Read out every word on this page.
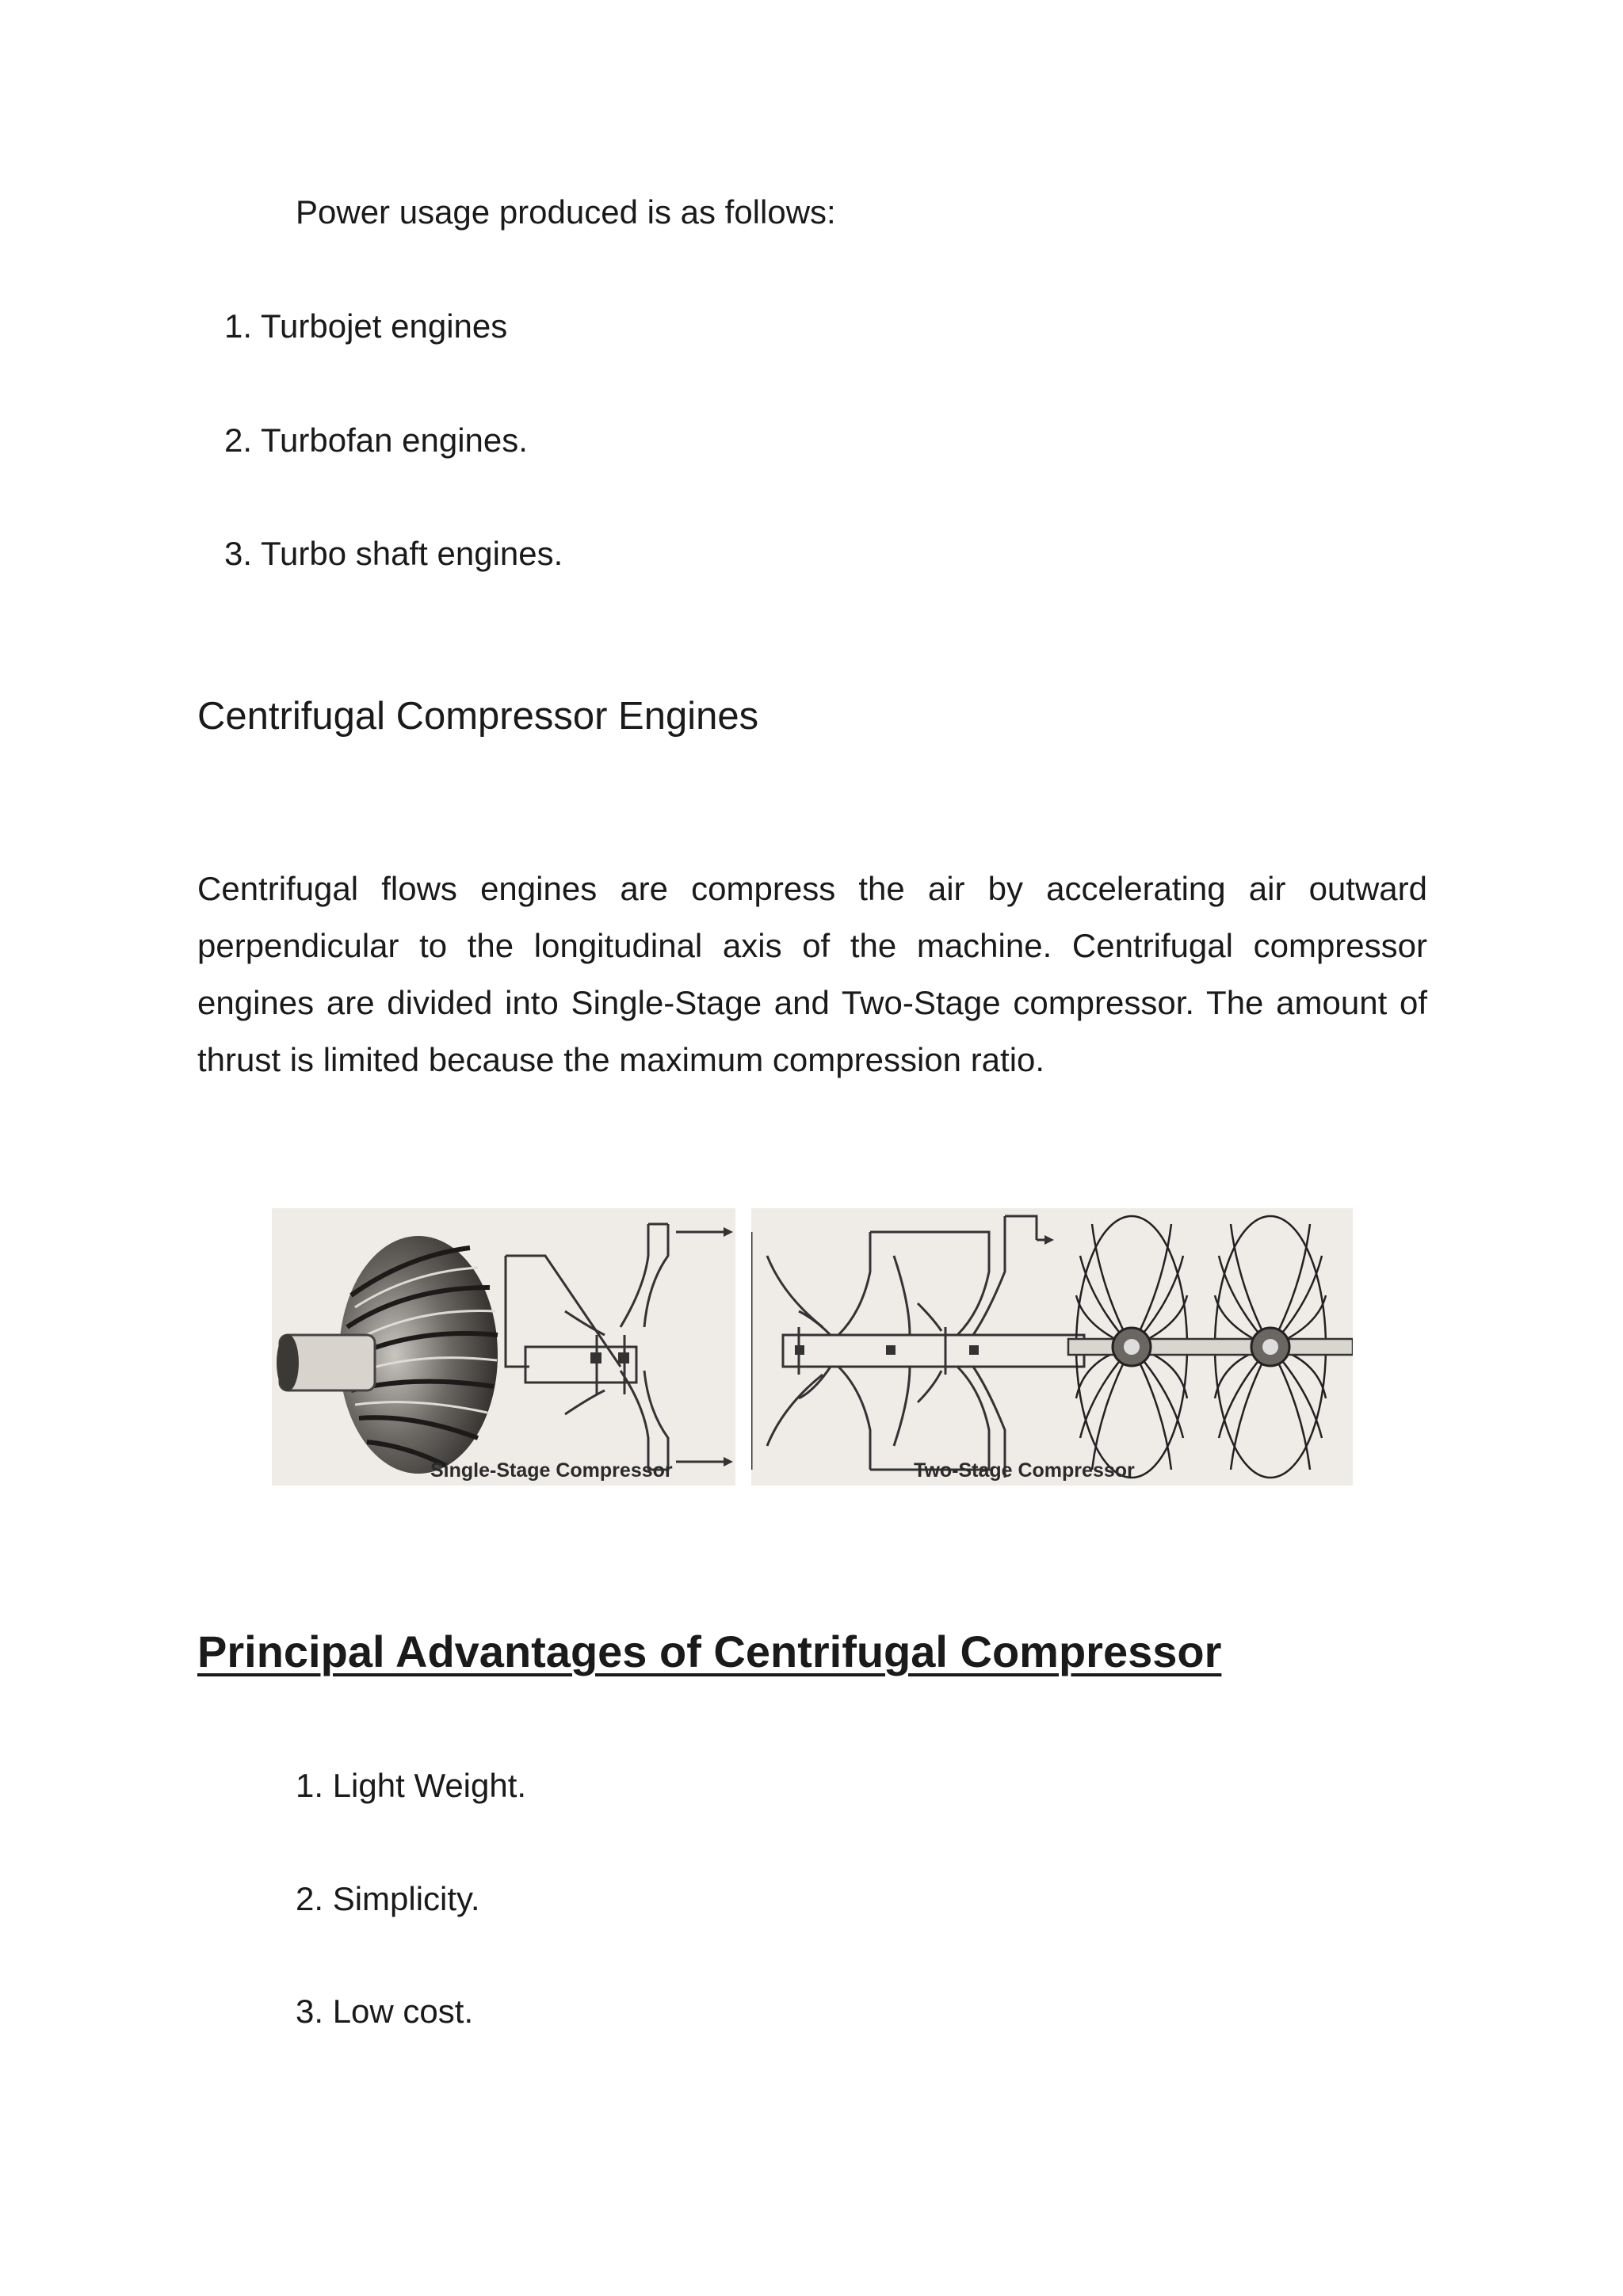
Power usage produced is as follows:
1. Turbojet engines
2. Turbofan engines.
3. Turbo shaft engines.
Centrifugal Compressor Engines

Centrifugal flows engines are compress the air by accelerating air outward perpendicular to the longitudinal axis of the machine. Centrifugal compressor engines are divided into Single-Stage and Two-Stage compressor. The amount of thrust is limited because the maximum compression ratio.

Single-Stage Compressor	Two-Stage Compressor
Principal Advantages of Centrifugal Compressor
1. Light Weight.
2. Simplicity.
3. Low cost.
